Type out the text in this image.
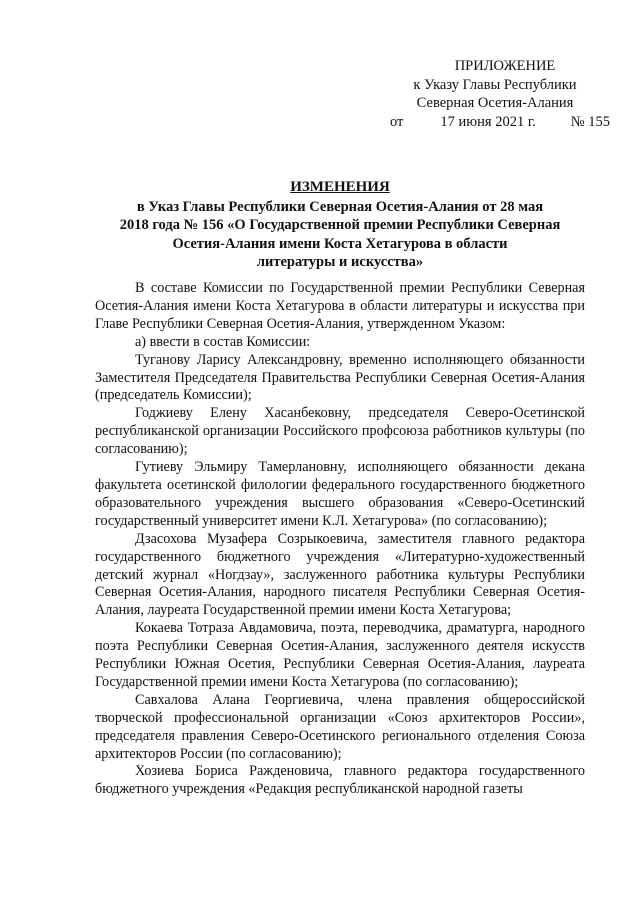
ПРИЛОЖЕНИЕ
к Указу Главы Республики
Северная Осетия-Алания
от	17 июня 2021 г. № 155
ИЗМЕНЕНИЯ
в Указ Главы Республики Северная Осетия-Алания от 28 мая
2018 года № 156 «О Государственной премии Республики Северная
Осетия-Алания имени Коста Хетагурова в области
литературы и искусства»

В составе Комиссии по Государственной премии Республики Северная Осетия-Алания имени Коста Хетагурова в области литературы и искусства при Главе Республики Северная Осетия-Алания, утвержденном Указом:

а) ввести в состав Комиссии:

Туганову Ларису Александровну, временно исполняющего обязанности Заместителя Председателя Правительства Республики Северная Осетия-Алания (председатель Комиссии);

Годжиеву Елену Хасанбековну, председателя Северо-Осетинской республиканской организации Российского профсоюза работников культуры (по согласованию);

Гутиеву Эльмиру Тамерлановну, исполняющего обязанности декана факультета осетинской филологии федерального государственного бюджетного образовательного учреждения высшего образования «Северо-Осетинский государственный университет имени К.Л. Хетагурова» (по согласованию);

Дзасохова Музафера Созрыкоевича, заместителя главного редактора государственного бюджетного учреждения «Литературно-художественный детский журнал «Ногдзау», заслуженного работника культуры Республики Северная Осетия-Алания, народного писателя Республики Северная Осетия-Алания, лауреата Государственной премии имени Коста Хетагурова;

Кокаева Тотраза Авдамовича, поэта, переводчика, драматурга, народного поэта Республики Северная Осетия-Алания, заслуженного деятеля искусств Республики Южная Осетия, Республики Северная Осетия-Алания, лауреата Государственной премии имени Коста Хетагурова (по согласованию);

Савхалова Алана Георгиевича, члена правления общероссийской творческой профессиональной организации «Союз архитекторов России», председателя правления Северо-Осетинского регионального отделения Союза архитекторов России (по согласованию);

Хозиева Бориса Ражденовича, главного редактора государственного бюджетного учреждения «Редакция республиканской народной газеты
